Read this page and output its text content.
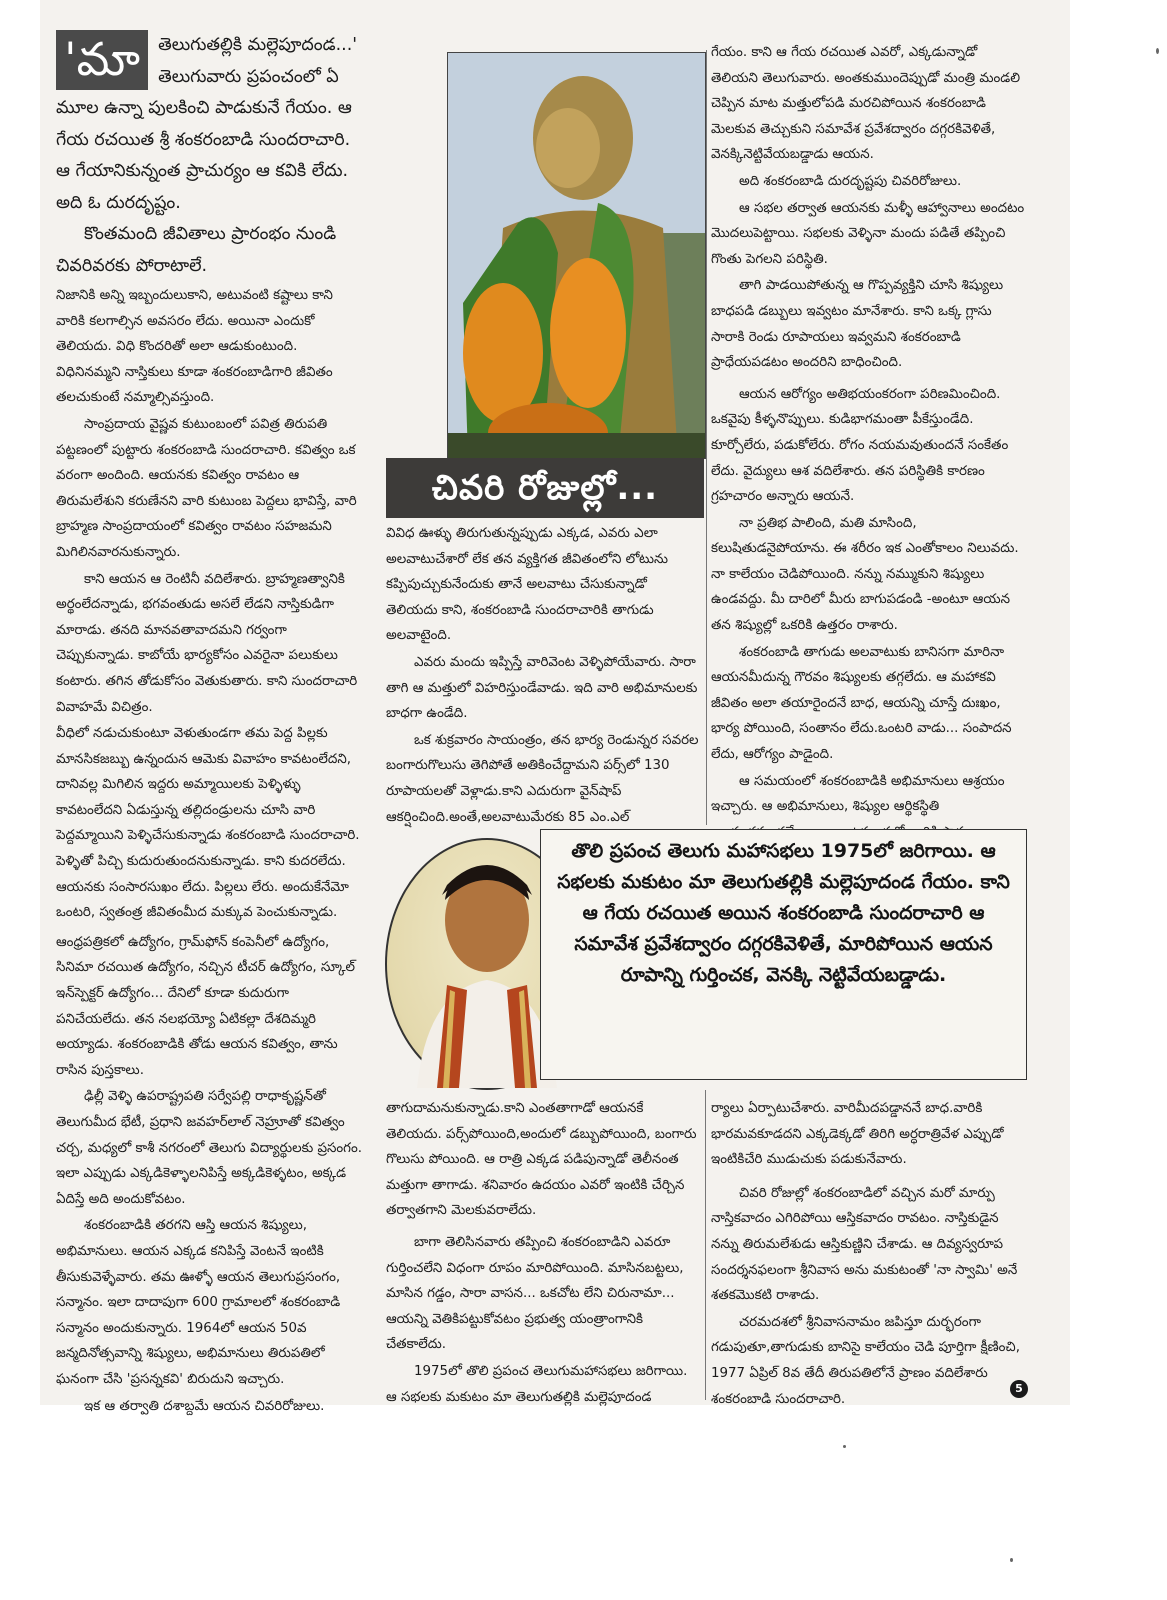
'మా	తెలుగుతల్లికి మల్లెపూదండ...' తెలుగువారు ప్రపంచంలో ఏ మూల ఉన్నా పులకించి పాడుకునే గేయం. ఆ గేయ రచయిత శ్రీ శంకరంబాడి సుందరాచారి. ఆ గేయానికున్నంత ప్రాచుర్యం ఆ కవికి లేదు. అది ఓ దురదృష్టం.

కొంతమంది జీవితాలు ప్రారంభం నుండి చివరివరకు పోరాటాలే.

నిజానికి అన్ని ఇబ్బందులుకాని, అటువంటి కష్టాలు కాని వారికి కలగాల్సిన అవసరం లేదు. అయినా ఎందుకో తెలియదు. విధి కొందరితో అలా ఆడుకుంటుంది. విధినినమ్మని నాస్తికులు కూడా శంకరంబాడిగారి జీవితం తలచుకుంటే నమ్మాల్సివస్తుంది.

సాంప్రదాయ వైష్ణవ కుటుంబంలో పవిత్ర తిరుపతి పట్టణంలో పుట్టారు శంకరంబాడి సుందరాచారి. కవిత్వం ఒక వరంగా అందింది. ఆయనకు కవిత్వం రావటం ఆ తిరుమలేశుని కరుణేనని వారి కుటుంబ పెద్దలు భావిస్తే, వారి బ్రాహ్మణ సాంప్రదాయంలో కవిత్వం రావటం సహజమని మిగిలినవారనుకున్నారు.

కాని ఆయన ఆ రెంటినీ వదిలేశారు. బ్రాహ్మణత్వానికి అర్థంలేదన్నాడు, భగవంతుడు అసలే లేడని నాస్తికుడిగా మారాడు. తనది మానవతావాదమని గర్వంగా చెప్పుకున్నాడు. కాబోయే భార్యకోసం ఎవరైనా పలుకులు కంటారు. తగిన తోడుకోసం వెతుకుతారు. కాని సుందరాచారి వివాహమే విచిత్రం.

వీధిలో నడుచుకుంటూ వెళుతుండగా తమ పెద్ద పిల్లకు మానసికజబ్బు ఉన్నందున ఆమెకు వివాహం కావటంలేదని, దానివల్ల మిగిలిన ఇద్దరు అమ్మాయిలకు పెళ్ళిళ్ళు కావటంలేదని ఏడుస్తున్న తల్లిదండ్రులను చూసి వారి పెద్దమ్మాయిని పెళ్ళిచేసుకున్నాడు శంకరంబాడి సుందరాచారి. పెళ్ళితో పిచ్చి కుదురుతుందనుకున్నాడు. కాని కుదరలేదు. ఆయనకు సంసారసుఖం లేదు. పిల్లలు లేరు. అందుకేనేమో ఒంటరి, స్వతంత్ర జీవితంమీద మక్కువ పెంచుకున్నాడు.

ఆంధ్రపత్రికలో ఉద్యోగం, గ్రామ్‌ఫోన్ కంపెనీలో ఉద్యోగం, సినిమా రచయిత ఉద్యోగం, నచ్చిన టీచర్ ఉద్యోగం, స్కూల్ ఇన్‌స్పెక్టర్ ఉద్యోగం... దేనిలో కూడా కుదురుగా పనిచేయలేదు. తన నలభయ్యో ఏటికల్లా దేశదిమ్మరి అయ్యాడు. శంకరంబాడికి తోడు ఆయన కవిత్వం, తాను రాసిన పుస్తకాలు.

ఢిల్లీ వెళ్ళి ఉపరాష్ట్రపతి సర్వేపల్లి రాధాకృష్ణన్‌తో తెలుగుమీద భేటీ, ప్రధాని జవహర్‌లాల్ నెహ్రూతో కవిత్వం చర్చ, మధ్యలో కాశీ నగరంలో తెలుగు విద్యార్థులకు ప్రసంగం. ఇలా ఎప్పుడు ఎక్కడికెళ్ళాలనిపిస్తే అక్కడికెళ్ళటం, అక్కడ ఏదిస్తే అది అందుకోవటం.

శంకరంబాడికి తరగని ఆస్తి ఆయన శిష్యులు, అభిమానులు. ఆయన ఎక్కడ కనిపిస్తే వెంటనే ఇంటికి తీసుకువెళ్ళేవారు. తమ ఊళ్ళో ఆయన తెలుగుప్రసంగం, సన్మానం. ఇలా దాదాపుగా 600 గ్రామాలలో శంకరంబాడి సన్మానం అందుకున్నారు. 1964లో ఆయన 50వ జన్మదినోత్సవాన్ని శిష్యులు, అభిమానులు తిరుపతిలో ఘనంగా చేసి 'ప్రసన్నకవి' బిరుదుని ఇచ్చారు.

ఇక ఆ తర్వాతి దశాబ్దమే ఆయన చివరిరోజులు.

చివరి రోజుల్లో...

వివిధ ఊళ్ళు తిరుగుతున్నప్పుడు ఎక్కడ, ఎవరు ఎలా అలవాటుచేశారో లేక తన వ్యక్తిగత జీవితంలోని లోటును కప్పిపుచ్చుకునేందుకు తానే అలవాటు చేసుకున్నాడో తెలియదు కాని, శంకరంబాడి సుందరాచారికి తాగుడు అలవాటైంది.

ఎవరు మందు ఇప్పిస్తే వారివెంట వెళ్ళిపోయేవారు. సారా తాగి ఆ మత్తులో విహరిస్తుండేవాడు. ఇది వారి అభిమానులకు బాధగా ఉండేది.

ఒక శుక్రవారం సాయంత్రం, తన భార్య రెండున్నర సవరల బంగారుగొలుసు తెగిపోతే అతికించేద్దామని పర్స్‌లో 130 రూపాయలతో వెళ్లాడు.కాని ఎదురుగా వైన్‌షాప్ ఆకర్షించింది.అంతే,అలవాటుమేరకు 85 ఎం.ఎల్

గేయం. కాని ఆ గేయ రచయిత ఎవరో, ఎక్కడున్నాడో తెలియని తెలుగువారు. అంతకుముందెప్పుడో మంత్రి మండలి చెప్పిన మాట మత్తులోపడి మరచిపోయిన శంకరంబాడి మెలకువ తెచ్చుకుని సమావేశ ప్రవేశద్వారం దగ్గరకివెళితే, వెనక్కినెట్టివేయబడ్డాడు ఆయన.

అది శంకరంబాడి దురదృష్టపు చివరిరోజులు.

ఆ సభల తర్వాత ఆయనకు మళ్ళీ ఆహ్వానాలు అందటం మొదలుపెట్టాయి. సభలకు వెళ్ళినా మందు పడితే తప్పించి గొంతు పెగలని పరిస్థితి.

తాగి పాడయిపోతున్న ఆ గొప్పవ్యక్తిని చూసి శిష్యులు బాధపడి డబ్బులు ఇవ్వటం మానేశారు. కాని ఒక్క గ్లాసు సారాకి రెండు రూపాయలు ఇవ్వమని శంకరంబాడి ప్రాధేయపడటం అందరిని బాధించింది.

ఆయన ఆరోగ్యం అతిభయంకరంగా పరిణమించింది. ఒకవైపు కీళ్ళనొప్పులు. కుడిభాగమంతా పీకేస్తుండేది. కూర్చోలేరు, పడుకోలేరు. రోగం నయమవుతుందనే సంకేతం లేదు. వైద్యులు ఆశ వదిలేశారు. తన పరిస్థితికి కారణం గ్రహచారం అన్నారు ఆయనే.

నా ప్రతిభ పాలింది, మతి మాసింది, కలుషితుడనైపోయాను. ఈ శరీరం ఇక ఎంతోకాలం నిలువదు. నా కాలేయం చెడిపోయింది. నన్ను నమ్ముకుని శిష్యులు ఉండవద్దు. మీ దారిలో మీరు బాగుపడండి -అంటూ ఆయన తన శిష్యుల్లో ఒకరికి ఉత్తరం రాశారు.

శంకరంబాడి తాగుడు అలవాటుకు బానిసగా మారినా ఆయనమీదున్న గౌరవం శిష్యులకు తగ్గలేదు. ఆ మహాకవి జీవితం అలా తయారైందనే బాధ, ఆయన్ని చూస్తే దుఃఖం, భార్య పోయింది, సంతానం లేదు.ఒంటరి వాడు... సంపాదన లేదు, ఆరోగ్యం పాడైంది.

ఆ సమయంలో శంకరంబాడికి అభిమానులు ఆశ్రయం ఇచ్చారు. ఆ అభిమానులు, శిష్యుల ఆర్థికస్థితి

తొలి ప్రపంచ తెలుగు మహాసభలు 1975లో జరిగాయి. ఆ సభలకు మకుటం మా తెలుగుతల్లికి మల్లెపూదండ గేయం. కాని ఆ గేయ రచయిత అయిన శంకరంబాడి సుందరాచారి ఆ సమావేశ ప్రవేశద్వారం దగ్గరకివెళితే, మారిపోయిన ఆయన రూపాన్ని గుర్తించక, వెనక్కి నెట్టివేయబడ్డాడు.

తాగుదామనుకున్నాడు.కాని ఎంతతాగాడో ఆయనకే తెలియదు. పర్స్‌పోయింది,అందులో డబ్బుపోయింది, బంగారు గొలుసు పోయింది. ఆ రాత్రి ఎక్కడ పడిపున్నాడో తెలీనంత మత్తుగా తాగాడు. శనివారం ఉదయం ఎవరో ఇంటికి చేర్చిన తర్వాతగాని మెలకువరాలేదు.

బాగా తెలిసినవారు తప్పించి శంకరంబాడిని ఎవరూ గుర్తించలేని విధంగా రూపం మారిపోయింది. మాసినబట్టలు, మాసిన గడ్డం, సారా వాసన... ఒకచోట లేని చిరునామా... ఆయన్ని వెతికిపట్టుకోవటం ప్రభుత్వ యంత్రాంగానికి చేతకాలేదు.

1975లో తొలి ప్రపంచ తెలుగుమహాసభలు జరిగాయి. ఆ సభలకు మకుటం మా తెలుగుతల్లికి మల్లెపూదండ

ర్యాలు ఏర్పాటుచేశారు. వారిమీదపడ్డాననే బాధ.వారికి భారమవకూడదని ఎక్కడెక్కడో తిరిగి అర్ధరాత్రివేళ ఎప్పుడో ఇంటికిచేరి ముడుచుకు పడుకునేవారు.

చివరి రోజుల్లో శంకరంబాడిలో వచ్చిన మరో మార్పు నాస్తికవాదం ఎగిరిపోయి ఆస్తికవాదం రావటం. నాస్తికుడైన నన్ను తిరుమలేశుడు ఆస్తికుణ్ణిని చేశాడు. ఆ దివ్యస్వరూప సందర్శనఫలంగా శ్రీనివాస అను మకుటంతో 'నా స్వామి' అనే శతకమొకటి రాశాడు.

చరమదశలో శ్రీనివాసనామం జపిస్తూ దుర్భరంగా గడుపుతూ,తాగుడుకు బానిసై కాలేయం చెడి పూర్తిగా క్షీణించి, 1977 ఏప్రిల్ 8వ తేదీ తిరుపతిలోనే ప్రాణం వదిలేశారు శంకరంబాడి సుందరాచారి.

5
